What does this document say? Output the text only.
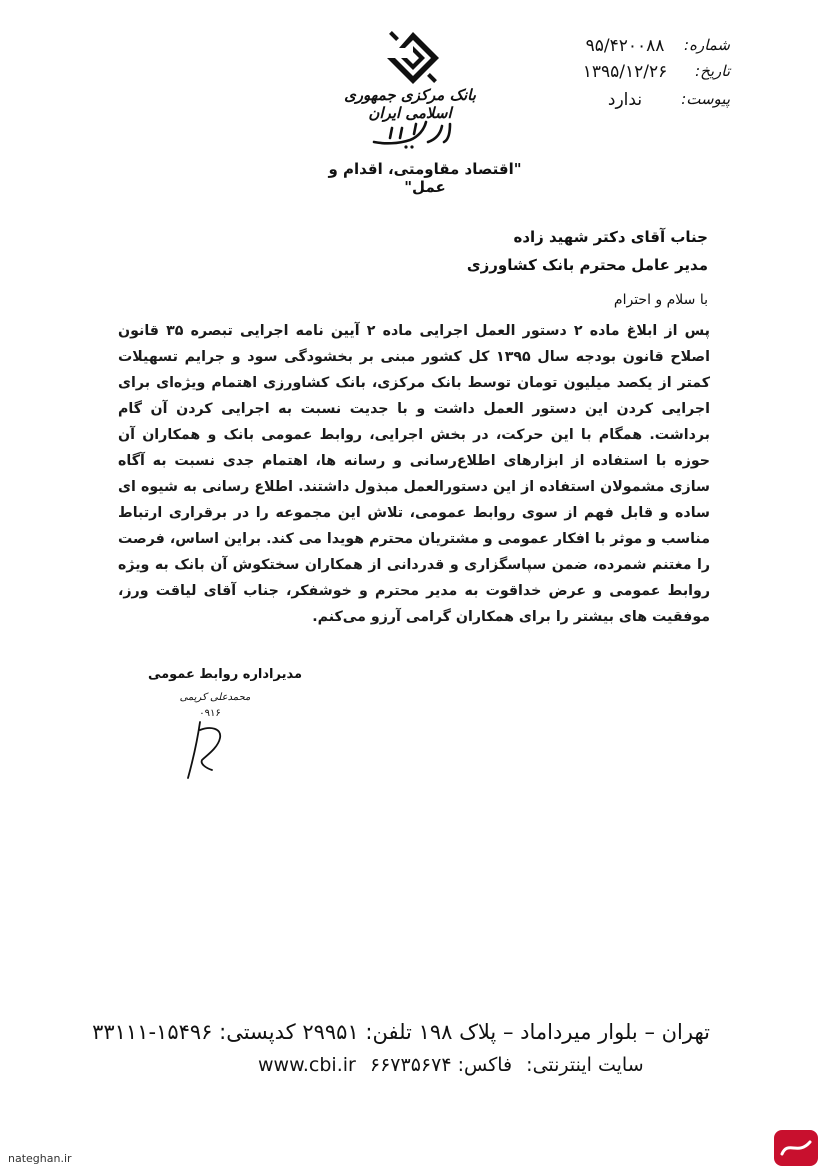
۹۵/۴۲۰۰۸۸	شماره:
۱۳۹۵/۱۲/۲۶	تاریخ:
ندارد	پیوست:
بانک مرکزی جمهوری اسلامی ایران
"اقتصاد مقاومتی، اقدام و عمل"
جناب آقای دکتر شهید زاده
مدیر عامل محترم بانک کشاورزی
با سلام و احترام
پس از ابلاغ ماده ۲ دستور العمل اجرایی ماده ۲ آیین نامه اجرایی تبصره ۳۵ قانون اصلاح قانون بودجه سال ۱۳۹۵ کل کشور مبنی بر بخشودگی سود و جرایم تسهیلات کمتر از یکصد میلیون تومان توسط بانک مرکزی، بانک کشاورزی اهتمام ویژه‌ای برای اجرایی کردن این دستور العمل داشت و با جدیت نسبت به اجرایی کردن آن گام برداشت. همگام با این حرکت، در بخش اجرایی، روابط عمومی بانک و همکاران آن حوزه با استفاده از ابزارهای اطلاع‌رسانی و رسانه ها، اهتمام جدی نسبت به آگاه سازی مشمولان استفاده از این دستورالعمل مبذول داشتند. اطلاع رسانی به شیوه ای ساده و قابل فهم از سوی روابط عمومی، تلاش این مجموعه را در برقراری ارتباط مناسب و موثر با افکار عمومی و مشتریان محترم هویدا می کند. براین اساس، فرصت را مغتنم شمرده، ضمن سپاسگزاری و قدردانی از همکاران سختکوش آن بانک به ویژه روابط عمومی و عرض خداقوت به مدیر محترم و خوشفکر، جناب آقای لیاقت ورز، موفقیت های بیشتر را برای همکاران گرامی آرزو می‌کنم.
مدیراداره روابط عمومی
محمدعلی کریمی
۰۹۱۶
تهران – بلوار میرداماد – پلاک ۱۹۸ تلفن: ۲۹۹۵۱ کدپستی: ۱۵۴۹۶-۳۳۱۱۱
www.cbi.ir	سایت اینترنتی: فاکس: ۶۶۷۳۵۶۷۴
nateghan.ir
